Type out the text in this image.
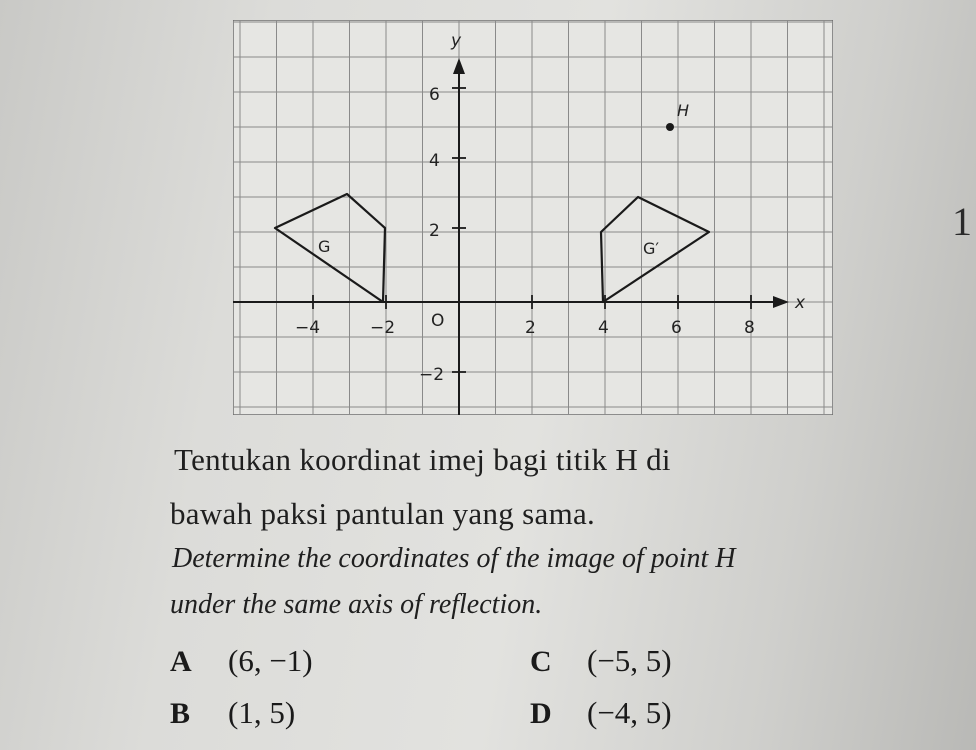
1
x
y
−4	−2 O	2	4	6	8
6
4
2
−2
G	G′
H
Tentukan koordinat imej bagi titik H di
bawah paksi pantulan yang sama.
Determine the coordinates of the image of point H
under the same axis of reflection.
A (6, −1)	C (−5, 5)
B (1, 5)	D (−4, 5)
